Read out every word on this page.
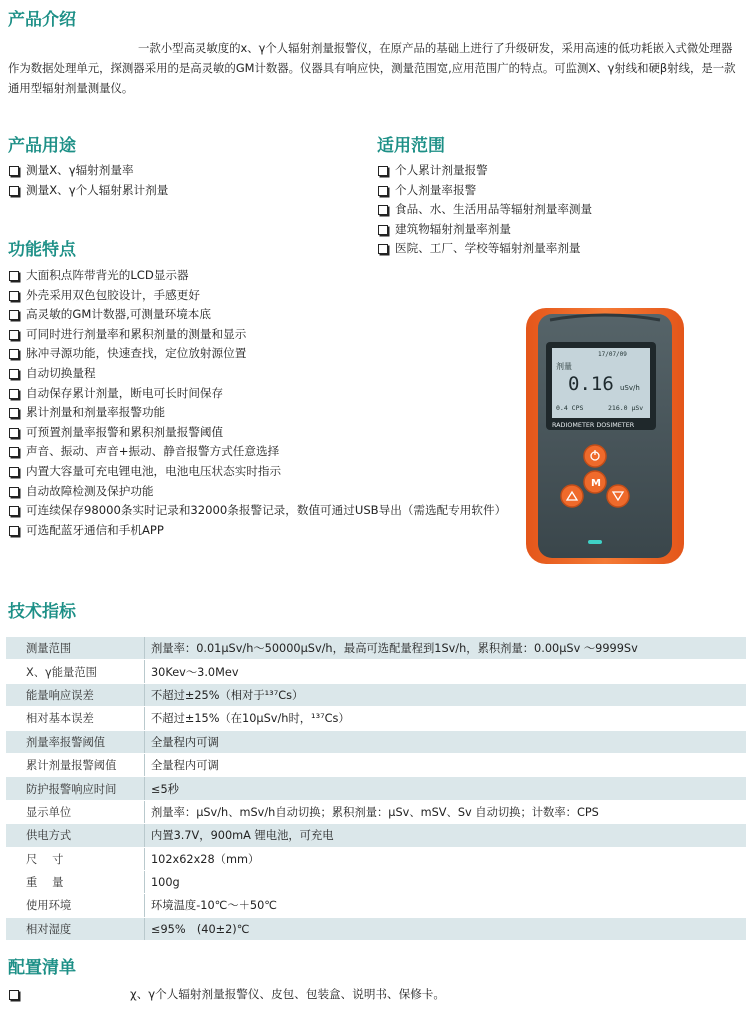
产品介绍

一款小型高灵敏度的x、γ个人辐射剂量报警仪，在原产品的基础上进行了升级研发，采用高速的低功耗嵌入式微处理器作为数据处理单元，探测器采用的是高灵敏的GM计数器。仪器具有响应快，测量范围宽,应用范围广的特点。可监测X、γ射线和硬β射线，是一款通用型辐射剂量测量仪。

产品用途
测量X、γ辐射剂量率
测量X、γ个人辐射累计剂量
适用范围
个人累计剂量报警
个人剂量率报警
食品、水、生活用品等辐射剂量率测量
建筑物辐射剂量率剂量
医院、工厂、学校等辐射剂量率剂量
功能特点
大面积点阵带背光的LCD显示器
外壳采用双色包胶设计，手感更好
高灵敏的GM计数器,可测量环境本底
可同时进行剂量率和累积剂量的测量和显示
脉冲寻源功能，快速查找，定位放射源位置
自动切换量程
自动保存累计剂量，断电可长时间保存
累计剂量和剂量率报警功能
可预置剂量率报警和累积剂量报警阈值
声音、振动、声音+振动、静音报警方式任意选择
内置大容量可充电锂电池，电池电压状态实时指示
自动故障检测及保护功能
可连续保存98000条实时记录和32000条报警记录，数值可通过USB导出（需选配专用软件）
可选配蓝牙通信和手机APP
17/07/09
剂量
0.16 uSv/h
0.4 CPS	216.0 μSv
RADIOMETER DOSIMETER
M
技术指标
测量范围	剂量率：0.01μSv/h～50000μSv/h，最高可选配量程到1Sv/h，累积剂量：0.00μSv ～9999Sv
X、γ能量范围	30Kev～3.0Mev
能量响应误差	不超过±25%（相对于¹³⁷Cs）
相对基本误差	不超过±15%（在10μSv/h时，¹³⁷Cs）
剂量率报警阈值	全量程内可调
累计剂量报警阈值	全量程内可调
防护报警响应时间	≤5秒
显示单位	剂量率：μSv/h、mSv/h自动切换；累积剂量：μSv、mSV、Sv 自动切换；计数率：CPS
供电方式	内置3.7V，900mA 锂电池，可充电
尺　 寸	102x62x28（mm）
重　 量	100g
使用环境	环境温度-10℃～＋50℃
相对湿度	≤95%　(40±2)℃
配置清单
χ、γ个人辐射剂量报警仪、皮包、包装盒、说明书、保修卡。
